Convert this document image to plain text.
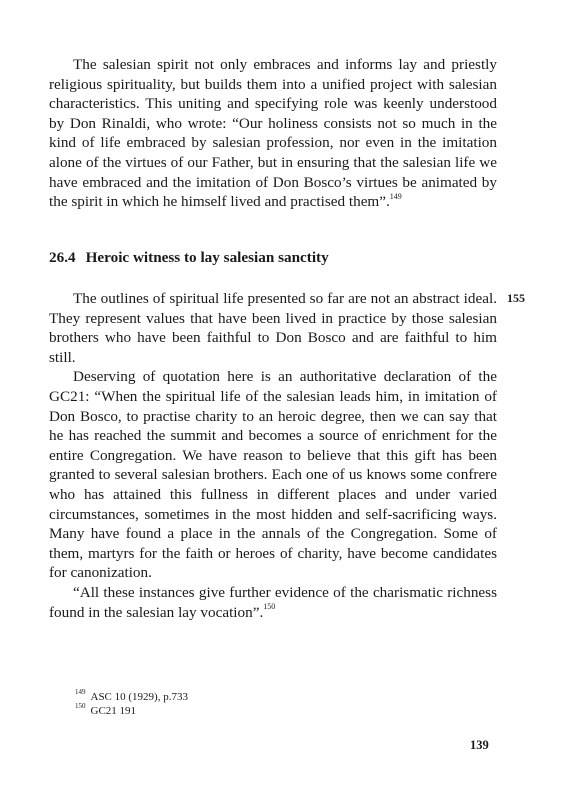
The salesian spirit not only embraces and informs lay and priestly religious spirituality, but builds them into a unified project with salesian characteristics. This uniting and specifying role was keenly understood by Don Rinaldi, who wrote: “Our holiness consists not so much in the kind of life embraced by salesian profession, nor even in the imitation alone of the virtues of our Father, but in ensuring that the salesian life we have embraced and the imitation of Don Bosco’s virtues be animated by the spirit in which he himself lived and practised them”.$^{149}$

26.4 Heroic witness to lay salesian sanctity
155

The outlines of spiritual life presented so far are not an abstract ideal. They represent values that have been lived in practice by those salesian brothers who have been faithful to Don Bosco and are faithful to him still.

Deserving of quotation here is an authoritative declaration of the GC21: “When the spiritual life of the salesian leads him, in imitation of Don Bosco, to practise charity to an heroic degree, then we can say that he has reached the summit and becomes a source of enrichment for the entire Congregation. We have reason to believe that this gift has been granted to several salesian brothers. Each one of us knows some confrere who has attained this fullness in different places and under varied circumstances, sometimes in the most hidden and self-sacrificing ways. Many have found a place in the annals of the Congregation. Some of them, martyrs for the faith or heroes of charity, have become candidates for canonization.

“All these instances give further evidence of the charismatic richness found in the salesian lay vocation”.$^{150}$

$^{149}$ ASC 10 (1929), p.733
$^{150}$ GC21 191
139
